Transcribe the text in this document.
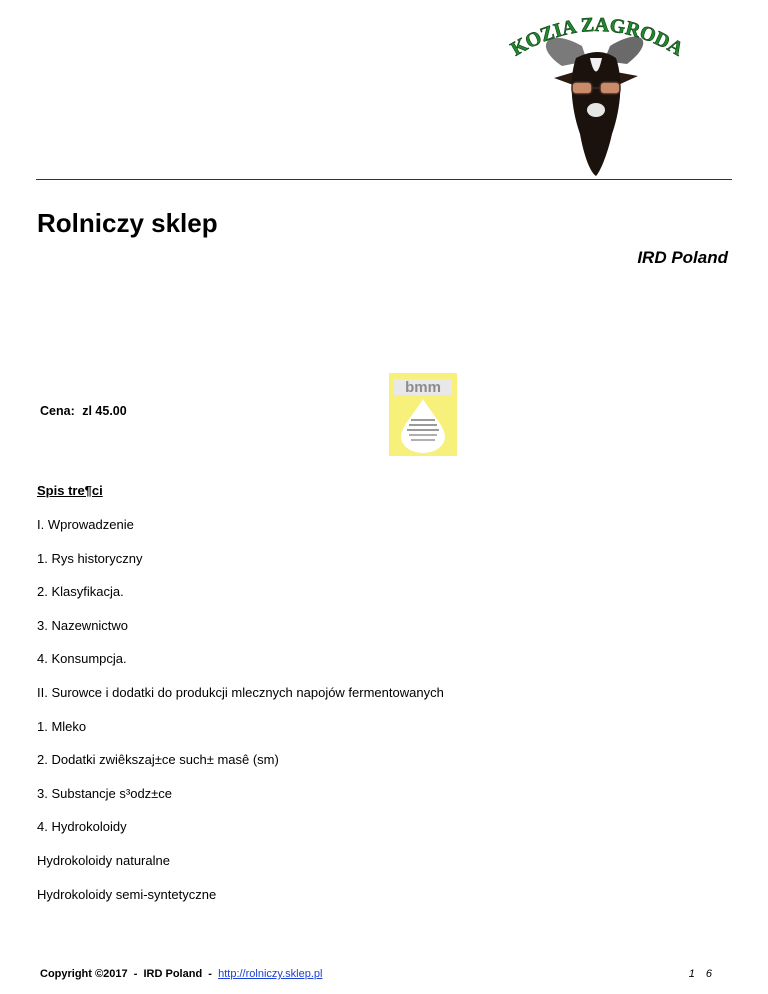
KOZIA ZAGRODA
Rolniczy sklep
IRD Poland
Cena: zl 45.00
bmm
Spis tre¶ci
I. Wprowadzenie
1. Rys historyczny
2. Klasyfikacja.
3. Nazewnictwo
4. Konsumpcja.
II. Surowce i dodatki do produkcji mlecznych napojów fermentowanych
1. Mleko
2. Dodatki zwiêkszaj±ce such± masê (sm)
3. Substancje s³odz±ce
4. Hydrokoloidy
Hydrokoloidy naturalne
Hydrokoloidy semi-syntetyczne
Copyright ©2017 - IRD Poland - http://rolniczy.sklep.pl	1 6
